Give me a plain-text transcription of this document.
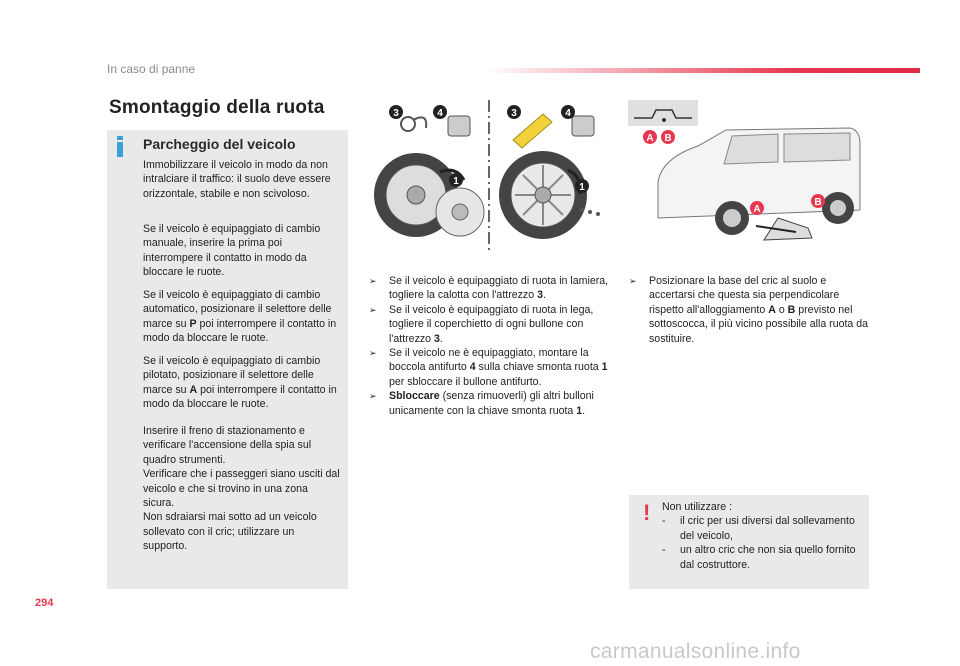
In caso di panne
294
Smontaggio della ruota
Parcheggio del veicolo
Immobilizzare il veicolo in modo da non intralciare il traffico: il suolo deve essere orizzontale, stabile e non scivoloso.
Se il veicolo è equipaggiato di cambio manuale, inserire la prima poi interrompere il contatto in modo da bloccare le ruote.
Se il veicolo è equipaggiato di cambio automatico, posizionare il selettore delle marce su P poi interrompere il contatto in modo da bloccare le ruote.
Se il veicolo è equipaggiato di cambio pilotato, posizionare il selettore delle marce su A poi interrompere il contatto in modo da bloccare le ruote.
Inserire il freno di stazionamento e verificare l'accensione della spia sul quadro strumenti.
Verificare che i passeggeri siano usciti dal veicolo e che si trovino in una zona sicura.
Non sdraiarsi mai sotto ad un veicolo sollevato con il cric; utilizzare un supporto.
3	4	3	4
1
1
A B
A
B

➢ Se il veicolo è equipaggiato di ruota in lamiera, togliere la calotta con l'attrezzo 3.

➢ Se il veicolo è equipaggiato di ruota in lega, togliere il coperchietto di ogni bullone con l'attrezzo 3.

➢ Se il veicolo ne è equipaggiato, montare la boccola antifurto 4 sulla chiave smonta ruota 1 per sbloccare il bullone antifurto.

➢ Sbloccare (senza rimuoverli) gli altri bulloni unicamente con la chiave smonta ruota 1.

➢ Posizionare la base del cric al suolo e accertarsi che questa sia perpendicolare rispetto all'alloggiamento A o B previsto nel sottoscocca, il più vicino possibile alla ruota da sostituire.

! Non utilizzare :
- il cric per usi diversi dal sollevamento del veicolo,
- un altro cric che non sia quello fornito dal costruttore.
carmanualsonline.info
